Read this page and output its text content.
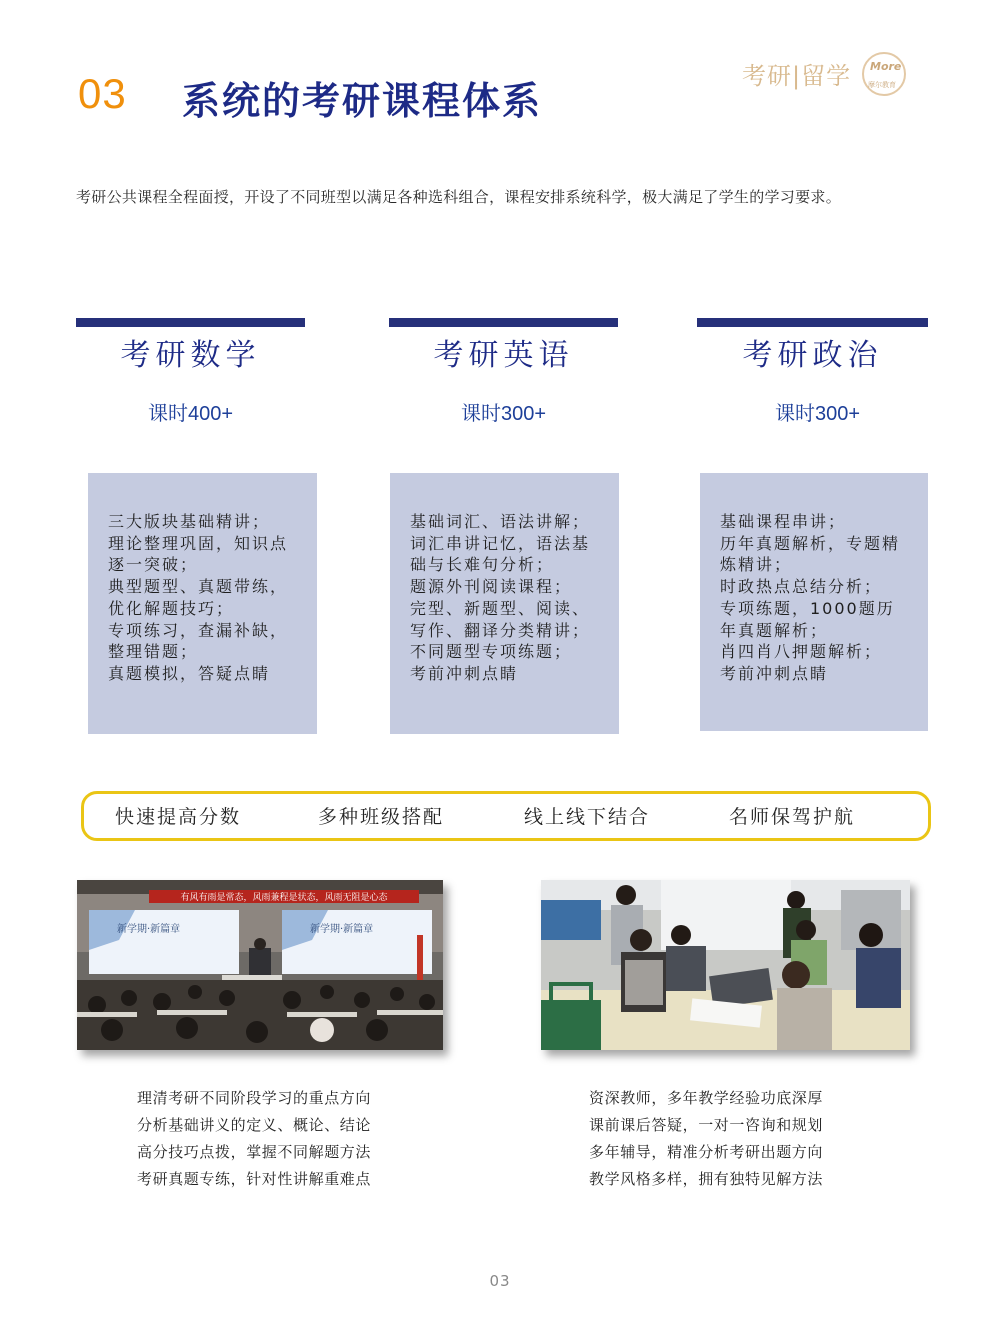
03 系统的考研课程体系
考研|留学 More
摩尔教育
考研公共课程全程面授，开设了不同班型以满足各种选科组合，课程安排系统科学，极大满足了学生的学习要求。
考研数学
课时400+
三大版块基础精讲；
理论整理巩固，知识点
逐一突破；
典型题型、真题带练，
优化解题技巧；
专项练习，查漏补缺，
整理错题；
真题模拟，答疑点睛
考研英语
课时300+
基础词汇、语法讲解；
词汇串讲记忆，语法基
础与长难句分析；
题源外刊阅读课程；
完型、新题型、阅读、
写作、翻译分类精讲；
不同题型专项练题；
考前冲刺点睛
考研政治
课时300+
基础课程串讲；
历年真题解析，专题精
炼精讲；
时政热点总结分析；
专项练题，1000题历
年真题解析；
肖四肖八押题解析；
考前冲刺点睛
快速提高分数	多种班级搭配	线上线下结合	名师保驾护航
有风有雨是常态，风雨兼程是状态，风雨无阻是心态
新学期·新篇章	新学期·新篇章
理清考研不同阶段学习的重点方向
分析基础讲义的定义、概论、结论
高分技巧点拨，掌握不同解题方法
考研真题专练，针对性讲解重难点
资深教师，多年教学经验功底深厚
课前课后答疑，一对一咨询和规划
多年辅导，精准分析考研出题方向
教学风格多样，拥有独特见解方法
03
